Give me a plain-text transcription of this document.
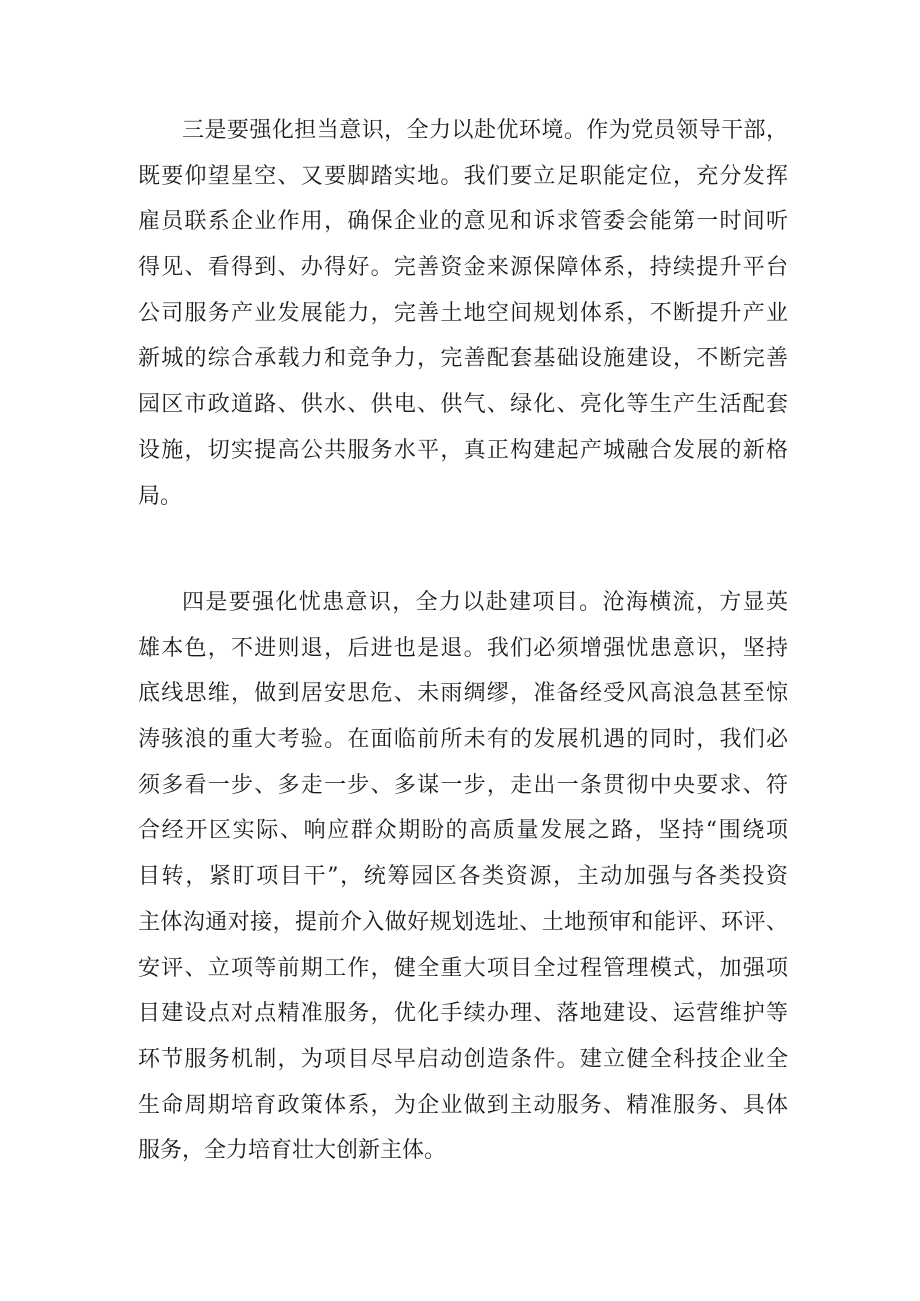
三是要强化担当意识，全力以赴优环境。作为党员领导干部，
既要仰望星空、又要脚踏实地。我们要立足职能定位，充分发挥
雇员联系企业作用，确保企业的意见和诉求管委会能第一时间听
得见、看得到、办得好。完善资金来源保障体系，持续提升平台
公司服务产业发展能力，完善土地空间规划体系，不断提升产业
新城的综合承载力和竞争力，完善配套基础设施建设，不断完善
园区市政道路、供水、供电、供气、绿化、亮化等生产生活配套
设施，切实提高公共服务水平，真正构建起产城融合发展的新格
局。
四是要强化忧患意识，全力以赴建项目。沧海横流，方显英
雄本色，不进则退，后进也是退。我们必须增强忧患意识，坚持
底线思维，做到居安思危、未雨绸缪，准备经受风高浪急甚至惊
涛骇浪的重大考验。在面临前所未有的发展机遇的同时，我们必
须多看一步、多走一步、多谋一步，走出一条贯彻中央要求、符
合经开区实际、响应群众期盼的高质量发展之路，坚持“围绕项
目转，紧盯项目干”，统筹园区各类资源，主动加强与各类投资
主体沟通对接，提前介入做好规划选址、土地预审和能评、环评、
安评、立项等前期工作，健全重大项目全过程管理模式，加强项
目建设点对点精准服务，优化手续办理、落地建设、运营维护等
环节服务机制，为项目尽早启动创造条件。建立健全科技企业全
生命周期培育政策体系，为企业做到主动服务、精准服务、具体
服务，全力培育壮大创新主体。
